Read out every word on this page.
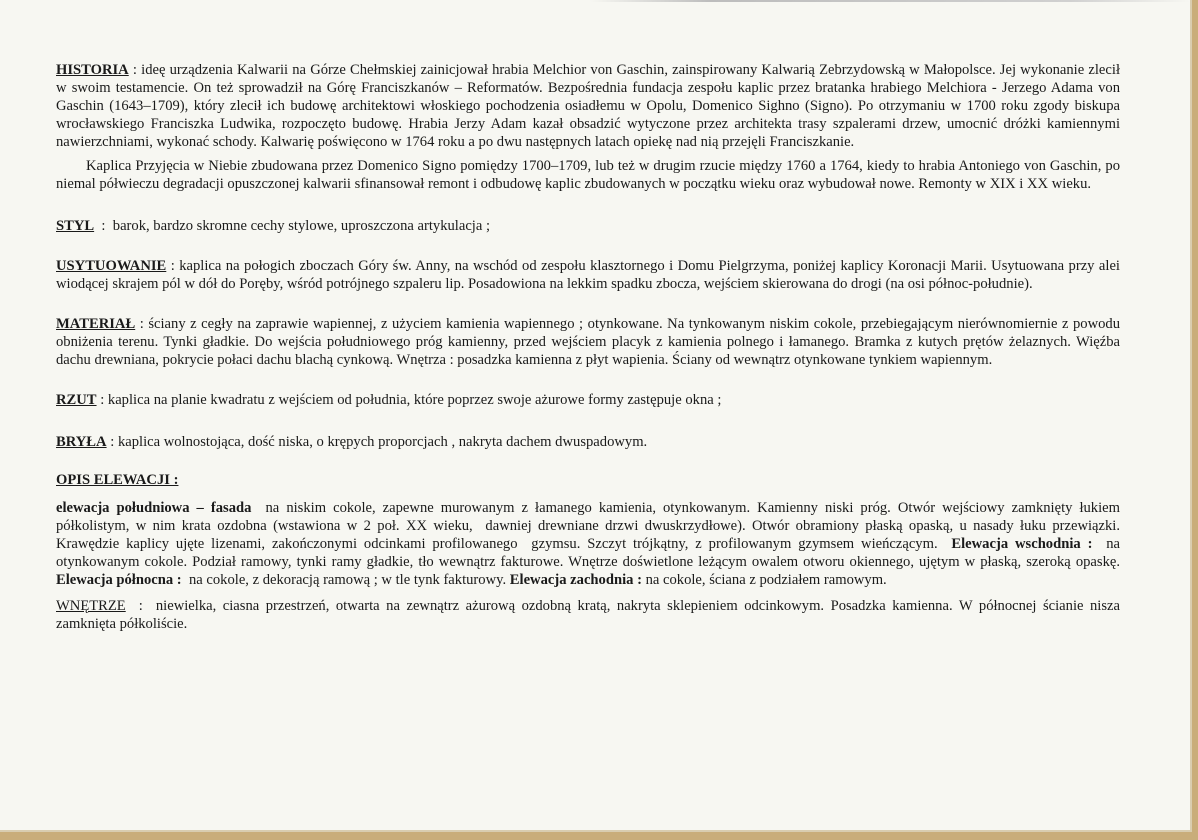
HISTORIA : ideę urządzenia Kalwarii na Górze Chełmskiej zainicjował hrabia Melchior von Gaschin, zainspirowany Kalwarią Zebrzydowską w Małopolsce. Jej wykonanie zlecił w swoim testamencie. On też sprowadził na Górę Franciszkanów – Reformatów. Bezpośrednia fundacja zespołu kaplic przez bratanka hrabiego Melchiora - Jerzego Adama von Gaschin (1643–1709), który zlecił ich budowę architektowi włoskiego pochodzenia osiadłemu w Opolu, Domenico Sighno (Signo). Po otrzymaniu w 1700 roku zgody biskupa wrocławskiego Franciszka Ludwika, rozpoczęto budowę. Hrabia Jerzy Adam kazał obsadzić wytyczone przez architekta trasy szpalerami drzew, umocnić dróżki kamiennymi nawierzchniami, wykonać schody. Kalwarię poświęcono w 1764 roku a po dwu następnych latach opiekę nad nią przejęli Franciszkanie.

Kaplica Przyjęcia w Niebie zbudowana przez Domenico Signo pomiędzy 1700–1709, lub też w drugim rzucie między 1760 a 1764, kiedy to hrabia Antoniego von Gaschin, po niemal półwieczu degradacji opuszczonej kalwarii sfinansował remont i odbudowę kaplic zbudowanych w początku wieku oraz wybudował nowe. Remonty w XIX i XX wieku.

STYL  :  barok, bardzo skromne cechy stylowe, uproszczona artykulacja ;

USYTUOWANIE : kaplica na połogich zboczach Góry św. Anny, na wschód od zespołu klasztornego i Domu Pielgrzyma, poniżej kaplicy Koronacji Marii. Usytuowana przy alei wiodącej skrajem pól w dół do Poręby, wśród potrójnego szpaleru lip. Posadowiona na lekkim spadku zbocza, wejściem skierowana do drogi (na osi północ-południe).

MATERIAŁ : ściany z cegły na zaprawie wapiennej, z użyciem kamienia wapiennego ; otynkowane. Na tynkowanym niskim cokole, przebiegającym nierównomiernie z powodu obniżenia terenu. Tynki gładkie. Do wejścia południowego próg kamienny, przed wejściem placyk z kamienia polnego i łamanego. Bramka z kutych prętów żelaznych. Więźba dachu drewniana, pokrycie połaci dachu blachą cynkową. Wnętrza : posadzka kamienna z płyt wapienia. Ściany od wewnątrz otynkowane tynkiem wapiennym.

RZUT : kaplica na planie kwadratu z wejściem od południa, które poprzez swoje ażurowe formy zastępuje okna ;

BRYŁA : kaplica wolnostojąca, dość niska, o krępych proporcjach , nakryta dachem dwuspadowym.

OPIS ELEWACJI :

elewacja południowa – fasada  na niskim cokole, zapewne murowanym z łamanego kamienia, otynkowanym. Kamienny niski próg. Otwór wejściowy zamknięty łukiem półkolistym, w nim krata ozdobna (wstawiona w 2 poł. XX wieku,  dawniej drewniane drzwi dwuskrzydłowe). Otwór obramiony płaską opaską, u nasady łuku przewiązki.  Krawędzie kaplicy ujęte lizenami, zakończonymi odcinkami profilowanego  gzymsu. Szczyt trójkątny, z profilowanym gzymsem wieńczącym.  Elewacja wschodnia :  na otynkowanym cokole. Podział ramowy, tynki ramy gładkie, tło wewnątrz fakturowe. Wnętrze doświetlone leżącym owalem otworu okiennego, ujętym w płaską, szeroką opaskę.  Elewacja północna :  na cokole, z dekoracją ramową ; w tle tynk fakturowy. Elewacja zachodnia : na cokole, ściana z podziałem ramowym.

WNĘTRZE  :  niewielka, ciasna przestrzeń, otwarta na zewnątrz ażurową ozdobną kratą, nakryta sklepieniem odcinkowym. Posadzka kamienna. W północnej ścianie nisza zamknięta półkoliście.
